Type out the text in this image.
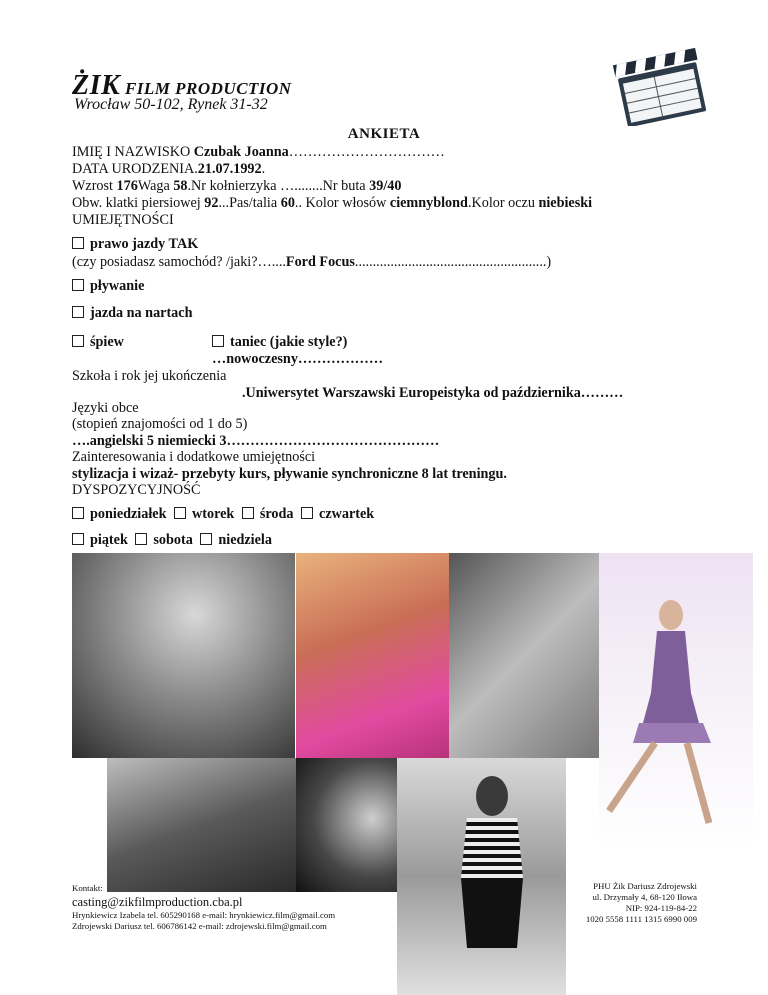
ŻIK FILM PRODUCTION
Wrocław 50-102, Rynek 31-32
ANKIETA
IMIĘ I NAZWISKO Czubak Joanna……………………………
DATA URODZENIA.21.07.1992.
Wzrost 176Waga 58.Nr kołnierzyka …........Nr buta 39/40
Obw. klatki piersiowej 92...Pas/talia 60.. Kolor włosów ciemnyblond.Kolor oczu niebieski
UMIEJĘTNOŚCI
prawo jazdy TAK
(czy posiadasz samochód? /jaki?…....Ford Focus......................................................)
pływanie
jazda na nartach
śpiew	taniec (jakie style?)
…nowoczesny………………
Szkoła i rok jej ukończenia
.Uniwersytet Warszawski Europeistyka od października………
Języki obce
(stopień znajomości od 1 do 5)
….angielski 5 niemiecki 3………………………………………
Zainteresowania i dodatkowe umiejętności
stylizacja i wizaż- przebyty kurs, pływanie synchroniczne 8 lat treningu.
DYSPOZYCYJNOŚĆ
poniedziałek wtorek środa czwartek
piątek sobota niedziela
Kontakt:
casting@zikfilmproduction.cba.pl
Hrynkiewicz Izabela tel. 605290168 e-mail: hrynkiewicz.film@gmail.com
Zdrojewski Dariusz tel. 606786142 e-mail: zdrojewski.film@gmail.com
PHU Żik Dariusz Zdrojewski
ul. Drzymały 4, 68-120 Iłowa
NIP: 924-119-84-22
1020 5558 1111 1315 6990 009
